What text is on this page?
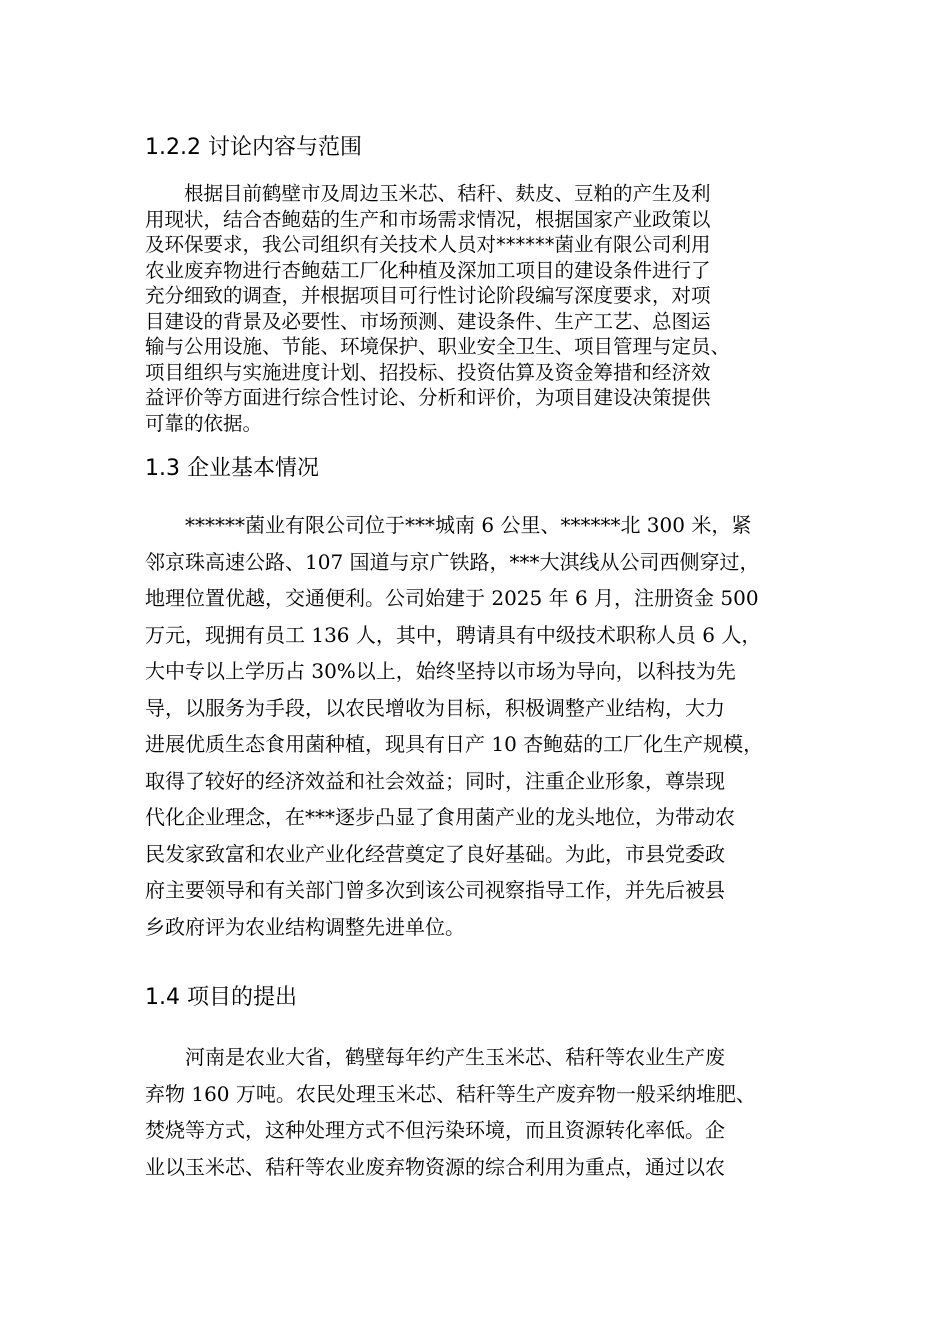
1.2.2 讨论内容与范围
　　根据目前鹤壁市及周边玉米芯、秸秆、麸皮、豆粕的产生及利
用现状，结合杏鲍菇的生产和市场需求情况，根据国家产业政策以
及环保要求，我公司组织有关技术人员对******菌业有限公司利用
农业废弃物进行杏鲍菇工厂化种植及深加工项目的建设条件进行了
充分细致的调查，并根据项目可行性讨论阶段编写深度要求，对项
目建设的背景及必要性、市场预测、建设条件、生产工艺、总图运
输与公用设施、节能、环境保护、职业安全卫生、项目管理与定员、
项目组织与实施进度计划、招投标、投资估算及资金筹措和经济效
益评价等方面进行综合性讨论、分析和评价，为项目建设决策提供
可靠的依据。
1.3 企业基本情况
　　******菌业有限公司位于***城南 6 公里、******北 300 米，紧
邻京珠高速公路、107 国道与京广铁路，***大淇线从公司西侧穿过，
地理位置优越，交通便利。公司始建于 2025 年 6 月，注册资金 500
万元，现拥有员工 136 人，其中，聘请具有中级技术职称人员 6 人，
大中专以上学历占 30%以上，始终坚持以市场为导向，以科技为先
导，以服务为手段，以农民增收为目标，积极调整产业结构，大力
进展优质生态食用菌种植，现具有日产 10 杏鲍菇的工厂化生产规模，
取得了较好的经济效益和社会效益；同时，注重企业形象，尊崇现
代化企业理念，在***逐步凸显了食用菌产业的龙头地位，为带动农
民发家致富和农业产业化经营奠定了良好基础。为此，市县党委政
府主要领导和有关部门曾多次到该公司视察指导工作，并先后被县
乡政府评为农业结构调整先进单位。
1.4 项目的提出
　　河南是农业大省，鹤壁每年约产生玉米芯、秸秆等农业生产废
弃物 160 万吨。农民处理玉米芯、秸秆等生产废弃物一般采纳堆肥、
焚烧等方式，这种处理方式不但污染环境，而且资源转化率低。企
业以玉米芯、秸秆等农业废弃物资源的综合利用为重点，通过以农
